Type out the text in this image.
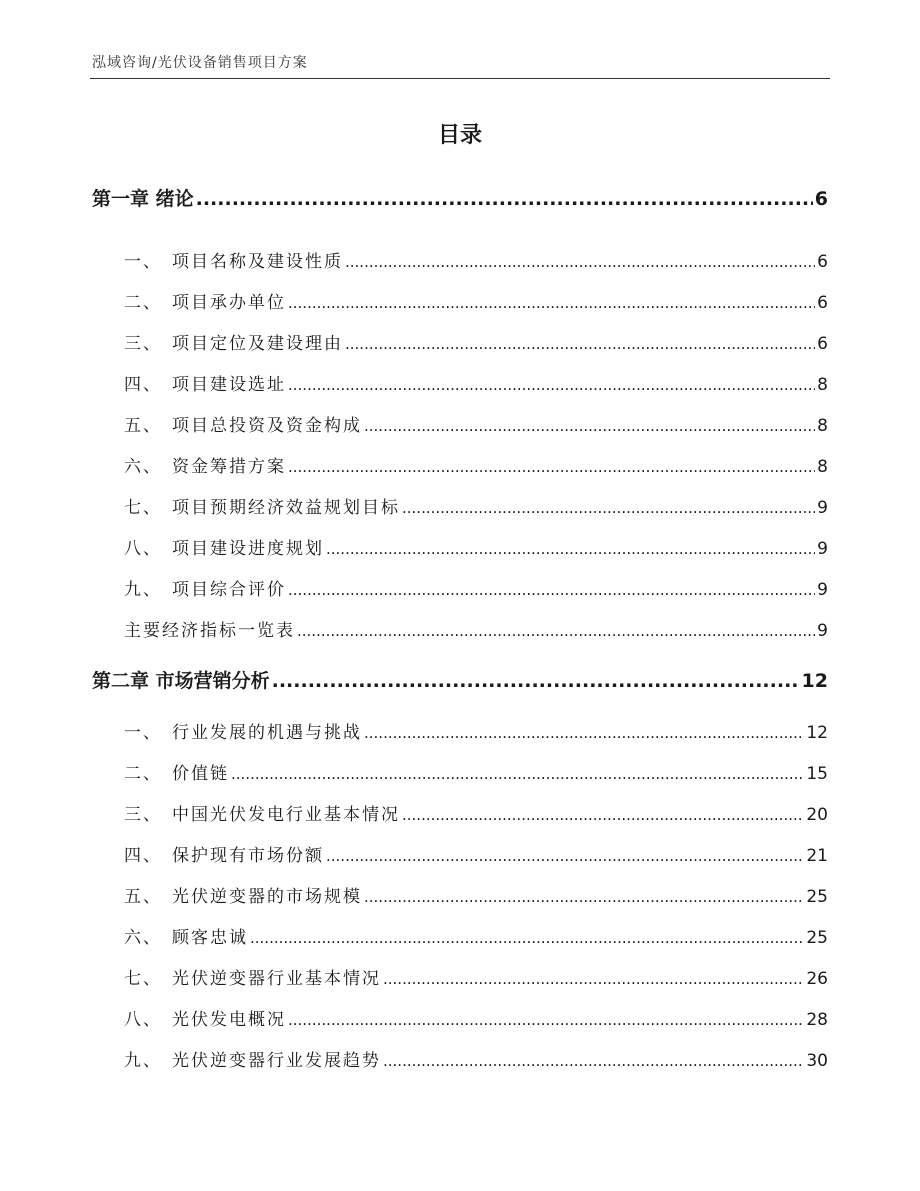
泓域咨询/光伏设备销售项目方案
目录
第一章 绪论 .....	6
一、 项目名称及建设性质 .....	6
二、 项目承办单位 .....	6
三、 项目定位及建设理由 .....	6
四、 项目建设选址 .....	8
五、 项目总投资及资金构成 .....	8
六、 资金筹措方案 .....	8
七、 项目预期经济效益规划目标 .....	9
八、 项目建设进度规划 .....	9
九、 项目综合评价 .....	9
主要经济指标一览表 .....	9
第二章 市场营销分析 .....	12
一、 行业发展的机遇与挑战 .....	12
二、 价值链 .....	15
三、 中国光伏发电行业基本情况 .....	20
四、 保护现有市场份额 .....	21
五、 光伏逆变器的市场规模 .....	25
六、 顾客忠诚 .....	25
七、 光伏逆变器行业基本情况 .....	26
八、 光伏发电概况 .....	28
九、 光伏逆变器行业发展趋势 .....	30
